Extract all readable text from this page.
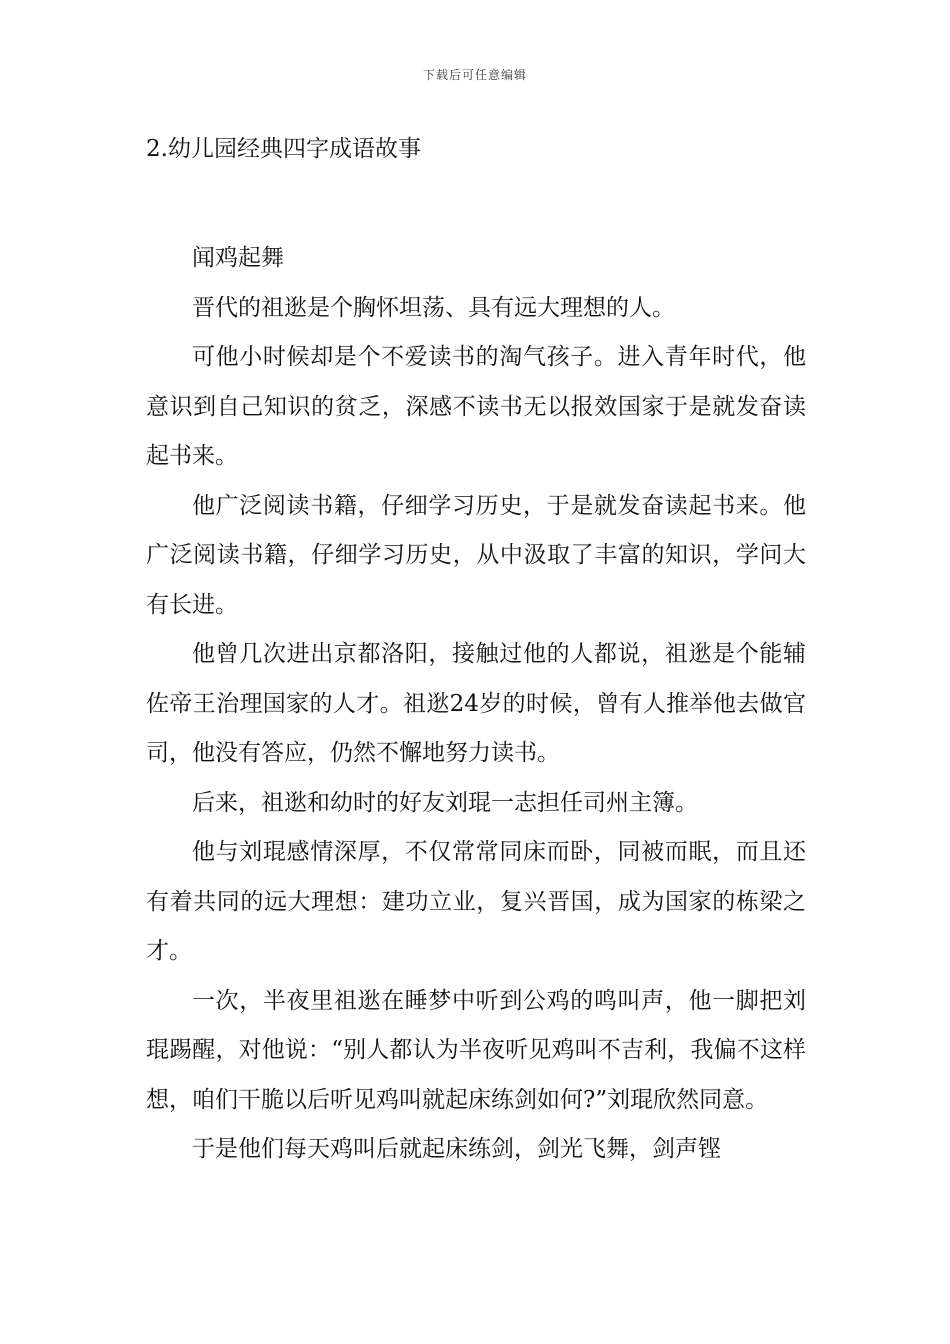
下载后可任意编辑
2.幼儿园经典四字成语故事

闻鸡起舞

晋代的祖逖是个胸怀坦荡、具有远大理想的人。

可他小时候却是个不爱读书的淘气孩子。进入青年时代，他意识到自己知识的贫乏，深感不读书无以报效国家于是就发奋读起书来。

他广泛阅读书籍，仔细学习历史，于是就发奋读起书来。他广泛阅读书籍，仔细学习历史，从中汲取了丰富的知识，学问大有长进。

他曾几次进出京都洛阳，接触过他的人都说，祖逖是个能辅佐帝王治理国家的人才。祖逖24岁的时候，曾有人推举他去做官司，他没有答应，仍然不懈地努力读书。

后来，祖逖和幼时的好友刘琨一志担任司州主簿。

他与刘琨感情深厚，不仅常常同床而卧，同被而眠，而且还有着共同的远大理想：建功立业，复兴晋国，成为国家的栋梁之才。

一次，半夜里祖逖在睡梦中听到公鸡的鸣叫声，他一脚把刘琨踢醒，对他说：“别人都认为半夜听见鸡叫不吉利，我偏不这样想，咱们干脆以后听见鸡叫就起床练剑如何?”刘琨欣然同意。

于是他们每天鸡叫后就起床练剑，剑光飞舞，剑声铿
